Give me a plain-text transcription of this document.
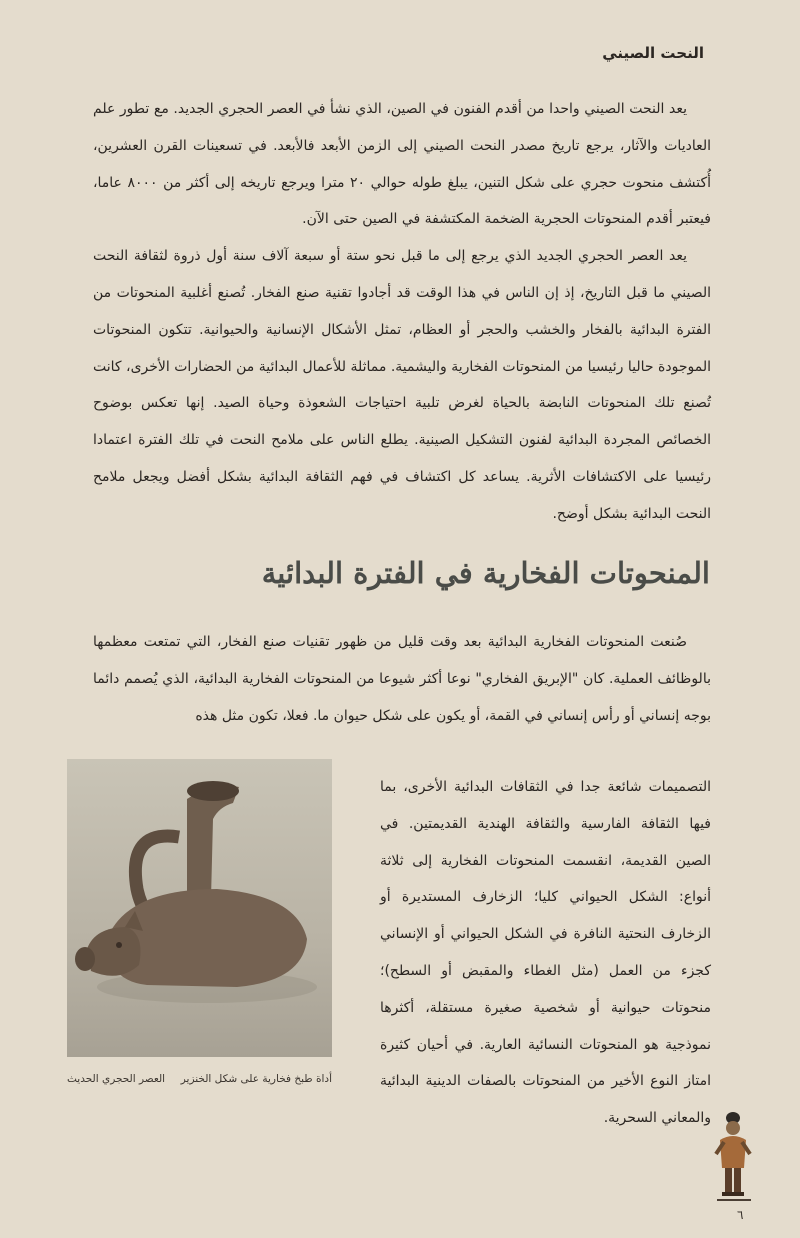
النحت الصيني

يعد النحت الصيني واحدا من أقدم الفنون في الصين، الذي نشأ في العصر الحجري الجديد. مع تطور علم العاديات والآثار، يرجع تاريخ مصدر النحت الصيني إلى الزمن الأبعد فالأبعد. في تسعينات القرن العشرين، أُكتشف منحوت حجري على شكل التنين، يبلغ طوله حوالي ٢٠ مترا ويرجع تاريخه إلى أكثر من ٨٠٠٠ عاما، فيعتبر أقدم المنحوتات الحجرية الضخمة المكتشفة في الصين حتى الآن.

يعد العصر الحجري الجديد الذي يرجع إلى ما قبل نحو ستة أو سبعة آلاف سنة أول ذروة لثقافة النحت الصيني ما قبل التاريخ، إذ إن الناس في هذا الوقت قد أجادوا تقنية صنع الفخار. تُصنع أغلبية المنحوتات من الفترة البدائية بالفخار والخشب والحجر أو العظام، تمثل الأشكال الإنسانية والحيوانية. تتكون المنحوتات الموجودة حاليا رئيسيا من المنحوتات الفخارية واليشمية. مماثلة للأعمال البدائية من الحضارات الأخرى، كانت تُصنع تلك المنحوتات النابضة بالحياة لغرض تلبية احتياجات الشعوذة وحياة الصيد. إنها تعكس بوضوح الخصائص المجردة البدائية لفنون التشكيل الصينية. يطلع الناس على ملامح النحت في تلك الفترة اعتمادا رئيسيا على الاكتشافات الأثرية. يساعد كل اكتشاف في فهم الثقافة البدائية بشكل أفضل ويجعل ملامح النحت البدائية بشكل أوضح.

المنحوتات الفخارية في الفترة البدائية

صُنعت المنحوتات الفخارية البدائية بعد وقت قليل من ظهور تقنيات صنع الفخار، التي تمتعت معظمها بالوظائف العملية. كان "الإبريق الفخاري" نوعا أكثر شيوعا من المنحوتات الفخارية البدائية، الذي يُصمم دائما بوجه إنساني أو رأس إنساني في القمة، أو يكون على شكل حيوان ما. فعلا، تكون مثل هذه

التصميمات شائعة جدا في الثقافات البدائية الأخرى، بما فيها الثقافة الفارسية والثقافة الهندية القديمتين. في الصين القديمة، انقسمت المنحوتات الفخارية إلى ثلاثة أنواع: الشكل الحيواني كليا؛ الزخارف المستديرة أو الزخارف النحتية النافرة في الشكل الحيواني أو الإنساني كجزء من العمل (مثل الغطاء والمقبض أو السطح)؛ منحوتات حيوانية أو شخصية صغيرة مستقلة، أكثرها نموذجية هو المنحوتات النسائية العارية. في أحيان كثيرة امتاز النوع الأخير من المنحوتات بالصفات الدينية البدائية والمعاني السحرية.

أداة طبخ فخارية على شكل الخنزير
العصر الحجري الحديث
٦
